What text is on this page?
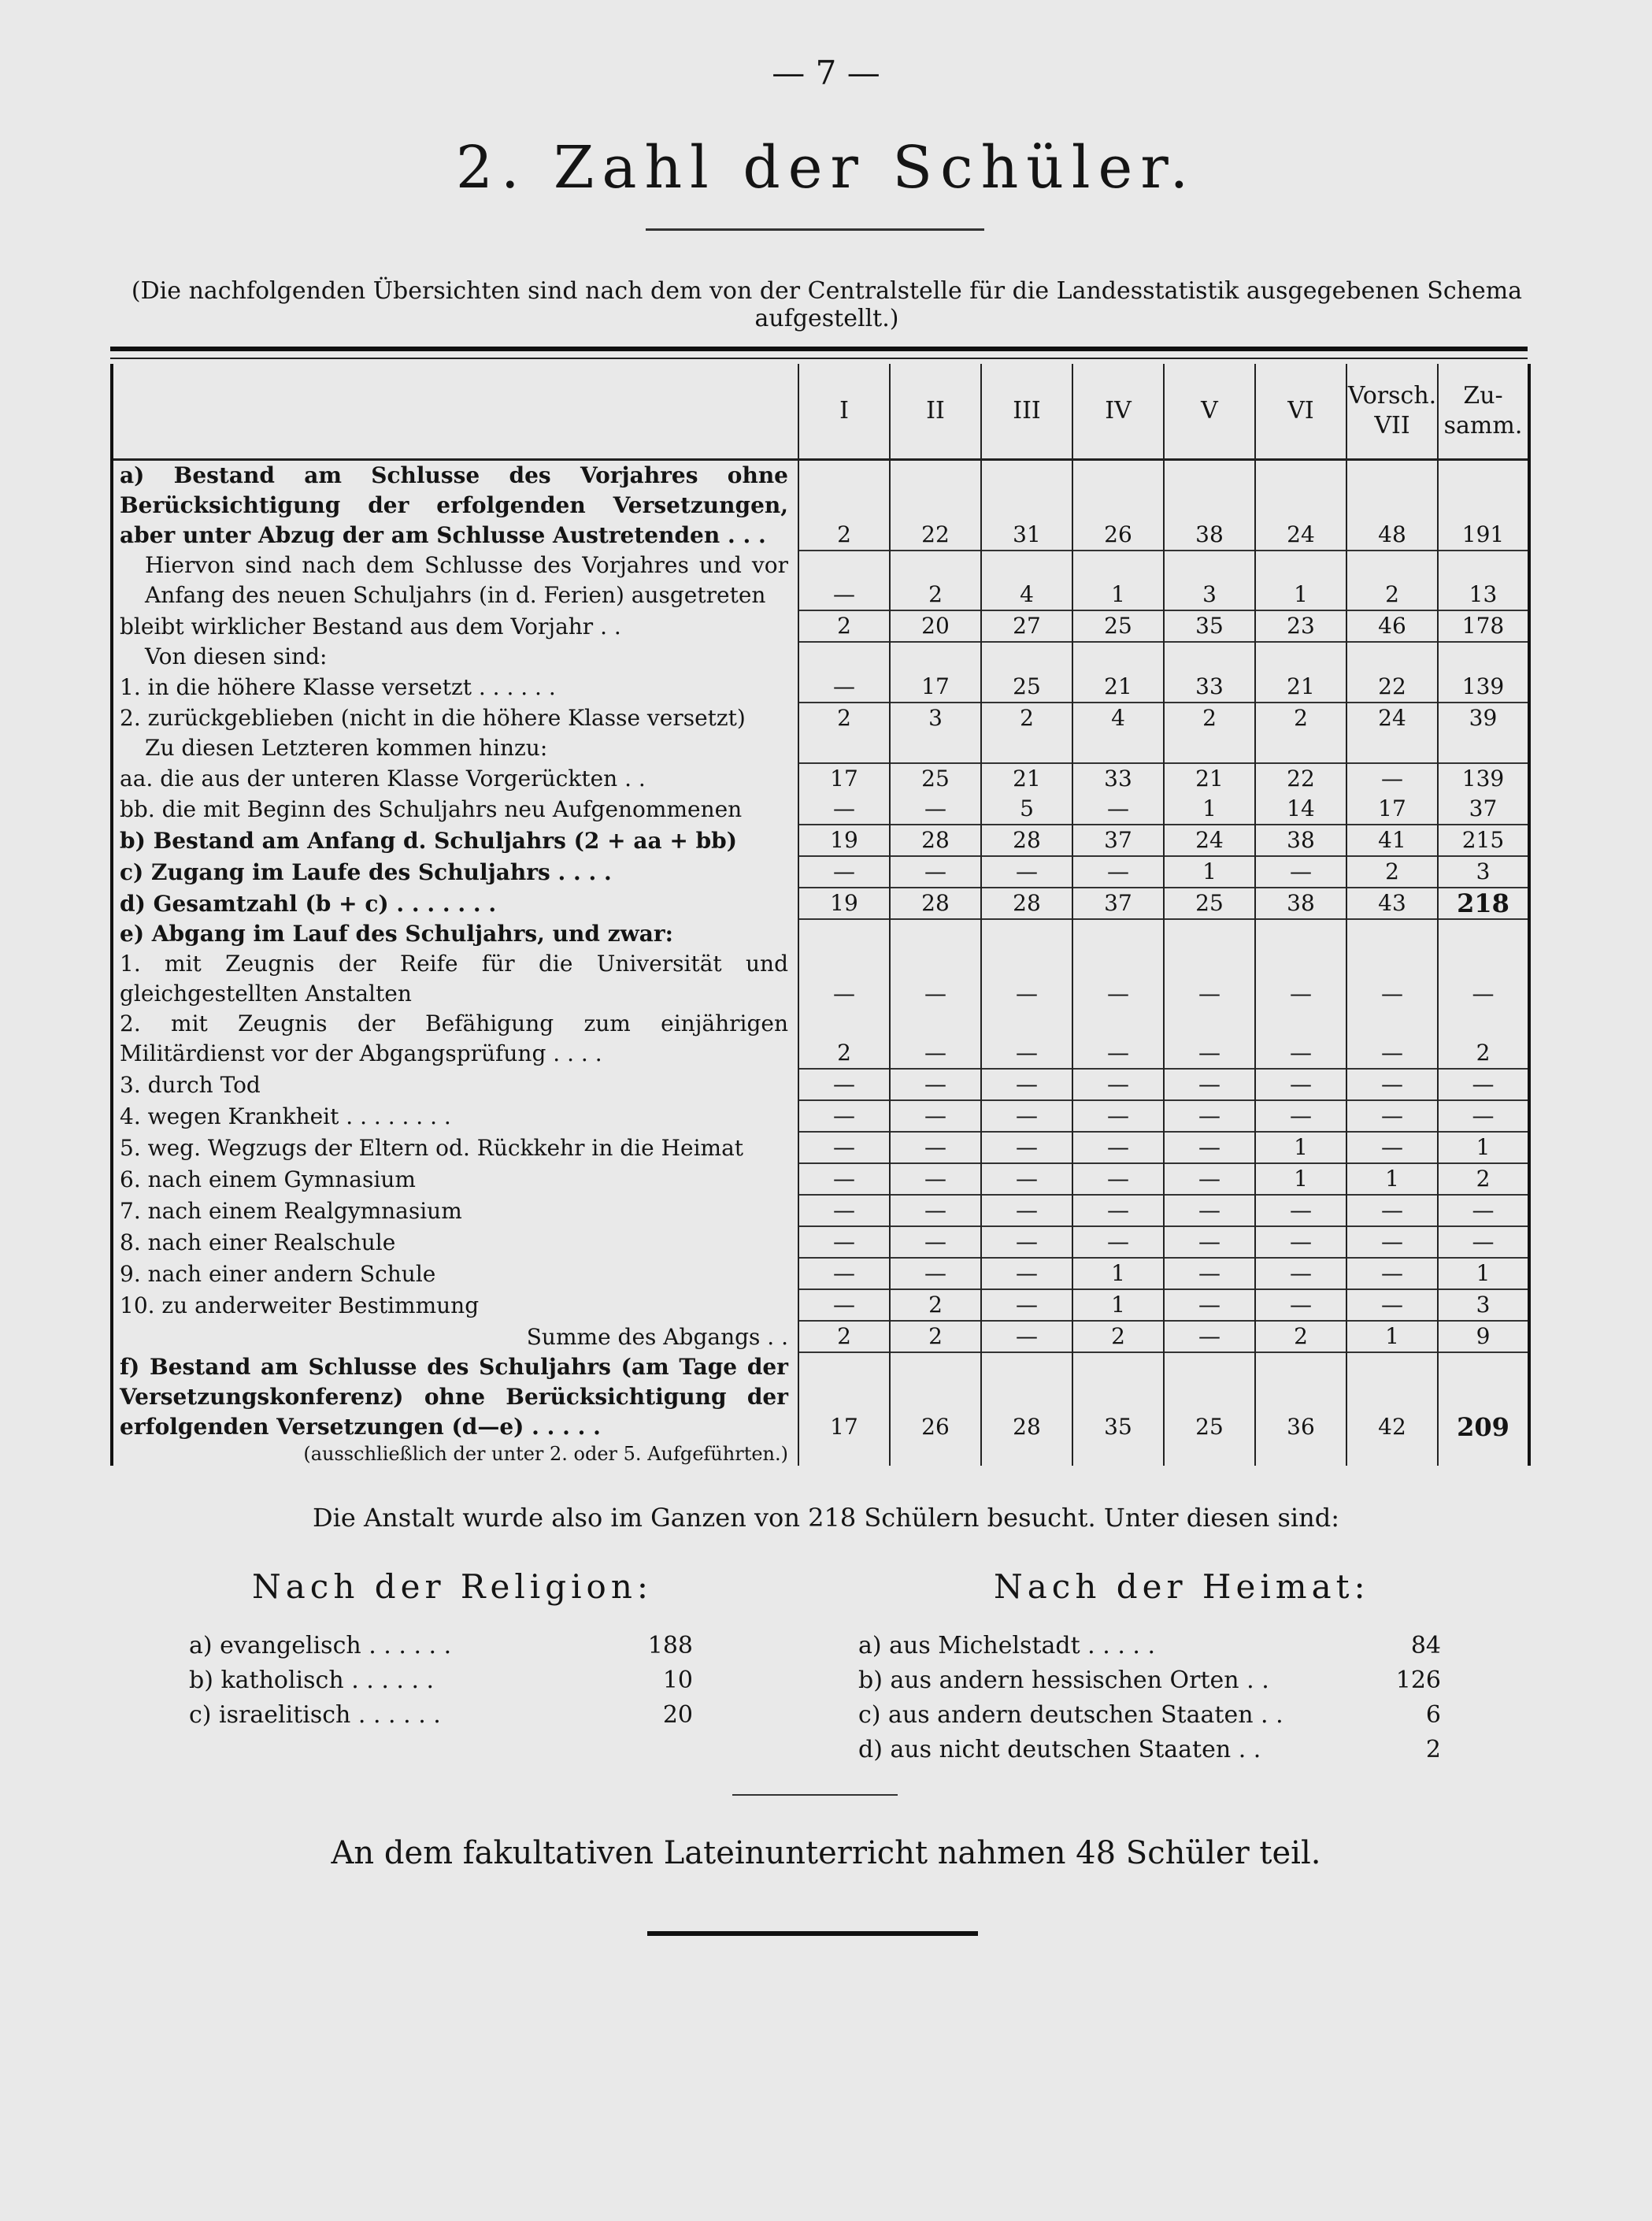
— 7 —
2. Zahl der Schüler.
(Die nachfolgenden Übersichten sind nach dem von der Centralstelle für die Landesstatistik ausgegebenen Schema aufgestellt.)
	I	II	III	IV	V	VI	Vorsch. VII	Zu-samm.
a) Bestand am Schlusse des Vorjahres ohne Berücksichtigung der erfolgenden Versetzungen, aber unter Abzug der am Schlusse Austretenden . . .	2	22	31	26	38	24	48	191
Hiervon sind nach dem Schlusse des Vorjahres und vor Anfang des neuen Schuljahrs (in d. Ferien) ausgetreten	—	2	4	1	3	1	2	13
bleibt wirklicher Bestand aus dem Vorjahr . .	2	20	27	25	35	23	46	178
Von diesen sind:								
1. in die höhere Klasse versetzt . . . . . .	—	17	25	21	33	21	22	139
2. zurückgeblieben (nicht in die höhere Klasse versetzt)	2	3	2	4	2	2	24	39
Zu diesen Letzteren kommen hinzu:								
aa. die aus der unteren Klasse Vorgerückten . .	17	25	21	33	21	22	—	139
bb. die mit Beginn des Schuljahrs neu Aufgenommenen	—	—	5	—	1	14	17	37
b) Bestand am Anfang d. Schuljahrs (2 + aa + bb)	19	28	28	37	24	38	41	215
c) Zugang im Laufe des Schuljahrs . . . .	—	—	—	—	1	—	2	3
d) Gesamtzahl (b + c) . . . . . . .	19	28	28	37	25	38	43	218
e) Abgang im Lauf des Schuljahrs, und zwar:								
1. mit Zeugnis der Reife für die Universität und gleichgestellten Anstalten	—	—	—	—	—	—	—	—
2. mit Zeugnis der Befähigung zum einjährigen Militärdienst vor der Abgangsprüfung . . . .	2	—	—	—	—	—	—	2
3. durch Tod	—	—	—	—	—	—	—	—
4. wegen Krankheit . . . . . . . .	—	—	—	—	—	—	—	—
5. weg. Wegzugs der Eltern od. Rückkehr in die Heimat	—	—	—	—	—	1	—	1
6. nach einem Gymnasium	—	—	—	—	—	1	1	2
7. nach einem Realgymnasium	—	—	—	—	—	—	—	—
8. nach einer Realschule	—	—	—	—	—	—	—	—
9. nach einer andern Schule	—	—	—	1	—	—	—	1
10. zu anderweiter Bestimmung	—	2	—	1	—	—	—	3
Summe des Abgangs . .	2	2	—	2	—	2	1	9
f) Bestand am Schlusse des Schuljahrs (am Tage der Versetzungskonferenz) ohne Berücksichtigung der erfolgenden Versetzungen (d—e) . . . . .	17	26	28	35	25	36	42	209
(ausschließlich der unter 2. oder 5. Aufgeführten.)								
Die Anstalt wurde also im Ganzen von 218 Schülern besucht. Unter diesen sind:
Nach der Religion:	Nach der Heimat:
a) evangelisch . . . . . .	188
b) katholisch . . . . . .	10
c) israelitisch . . . . . .	20
a) aus Michelstadt . . . . .	84
b) aus andern hessischen Orten . .	126
c) aus andern deutschen Staaten . .	6
d) aus nicht deutschen Staaten . .	2
An dem fakultativen Lateinunterricht nahmen 48 Schüler teil.
